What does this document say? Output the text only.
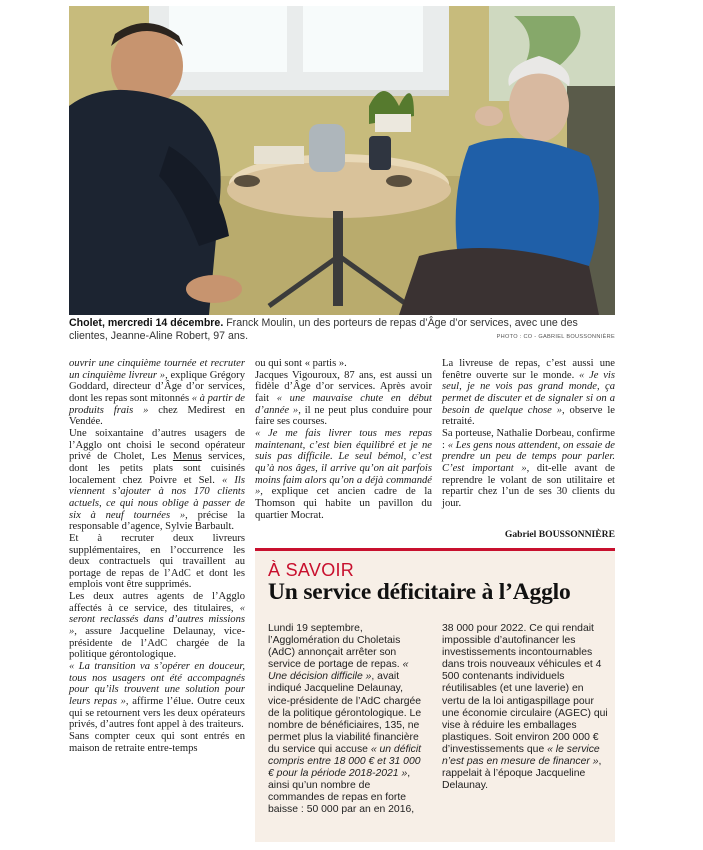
Cholet, mercredi 14 décembre. Franck Moulin, un des porteurs de repas d’Âge d’or services, avec une des clientes, Jeanne-Aline Robert, 97 ans.	PHOTO : CO - GABRIEL BOUSSONNIÈRE

ouvrir une cinquième tournée et recruter un cinquième livreur », explique Grégory Goddard, directeur d’Âge d’or services, dont les repas sont mitonnés « à partir de produits frais » chez Medirest en Vendée.

Une soixantaine d’autres usagers de l’Agglo ont choisi le second opérateur privé de Cholet, Les Menus services, dont les petits plats sont cuisinés localement chez Poivre et Sel. « Ils viennent s’ajouter à nos 170 clients actuels, ce qui nous oblige à passer de six à neuf tournées », précise la responsable d’agence, Sylvie Barbault.

Et à recruter deux livreurs supplémentaires, en l’occurrence les deux contractuels qui travaillent au portage de repas de l’AdC et dont les emplois vont être supprimés.

Les deux autres agents de l’Agglo affectés à ce service, des titulaires, « seront reclassés dans d’autres missions », assure Jacqueline Delaunay, vice-présidente de l’AdC chargée de la politique gérontologique.

« La transition va s’opérer en douceur, tous nos usagers ont été accompagnés pour qu’ils trouvent une solution pour leurs repas », affirme l’élue. Outre ceux qui se retournent vers les deux opérateurs privés, d’autres font appel à des traiteurs.

Sans compter ceux qui sont entrés en maison de retraite entre-temps

ou qui sont « partis ».

Jacques Vigouroux, 87 ans, est aussi un fidèle d’Âge d’or services. Après avoir fait « une mauvaise chute en début d’année », il ne peut plus conduire pour faire ses courses.

« Je me fais livrer tous mes repas maintenant, c’est bien équilibré et je ne suis pas difficile. Le seul bémol, c’est qu’à nos âges, il arrive qu’on ait parfois moins faim alors qu’on a déjà commandé », explique cet ancien cadre de la Thomson qui habite un pavillon du quartier Mocrat.

La livreuse de repas, c’est aussi une fenêtre ouverte sur le monde. « Je vis seul, je ne vois pas grand monde, ça permet de discuter et de signaler si on a besoin de quelque chose », observe le retraité.

Sa porteuse, Nathalie Dorbeau, confirme : « Les gens nous attendent, on essaie de prendre un peu de temps pour parler. C’est important », dit-elle avant de reprendre le volant de son utilitaire et repartir chez l’un de ses 30 clients du jour.

Gabriel BOUSSONNIÈRE
À SAVOIR
Un service déficitaire à l’Agglo

Lundi 19 septembre, l’Agglomération du Choletais (AdC) annonçait arrêter son service de portage de repas. « Une décision difficile », avait indiqué Jacqueline Delaunay, vice-présidente de l’AdC chargée de la politique gérontologique. Le nombre de bénéficiaires, 135, ne permet plus la viabilité financière du service qui accuse « un déficit compris entre 18 000 € et 31 000 € pour la période 2018-2021 », ainsi qu’un nombre de commandes de repas en forte baisse : 50 000 par an en 2016,

38 000 pour 2022. Ce qui rendait impossible d’autofinancer les investissements incontournables dans trois nouveaux véhicules et 4 500 contenants individuels réutilisables (et une laverie) en vertu de la loi antigaspillage pour une économie circulaire (AGEC) qui vise à réduire les emballages plastiques. Soit environ 200 000 € d’investissements que « le service n’est pas en mesure de financer », rappelait à l’époque Jacqueline Delaunay.
